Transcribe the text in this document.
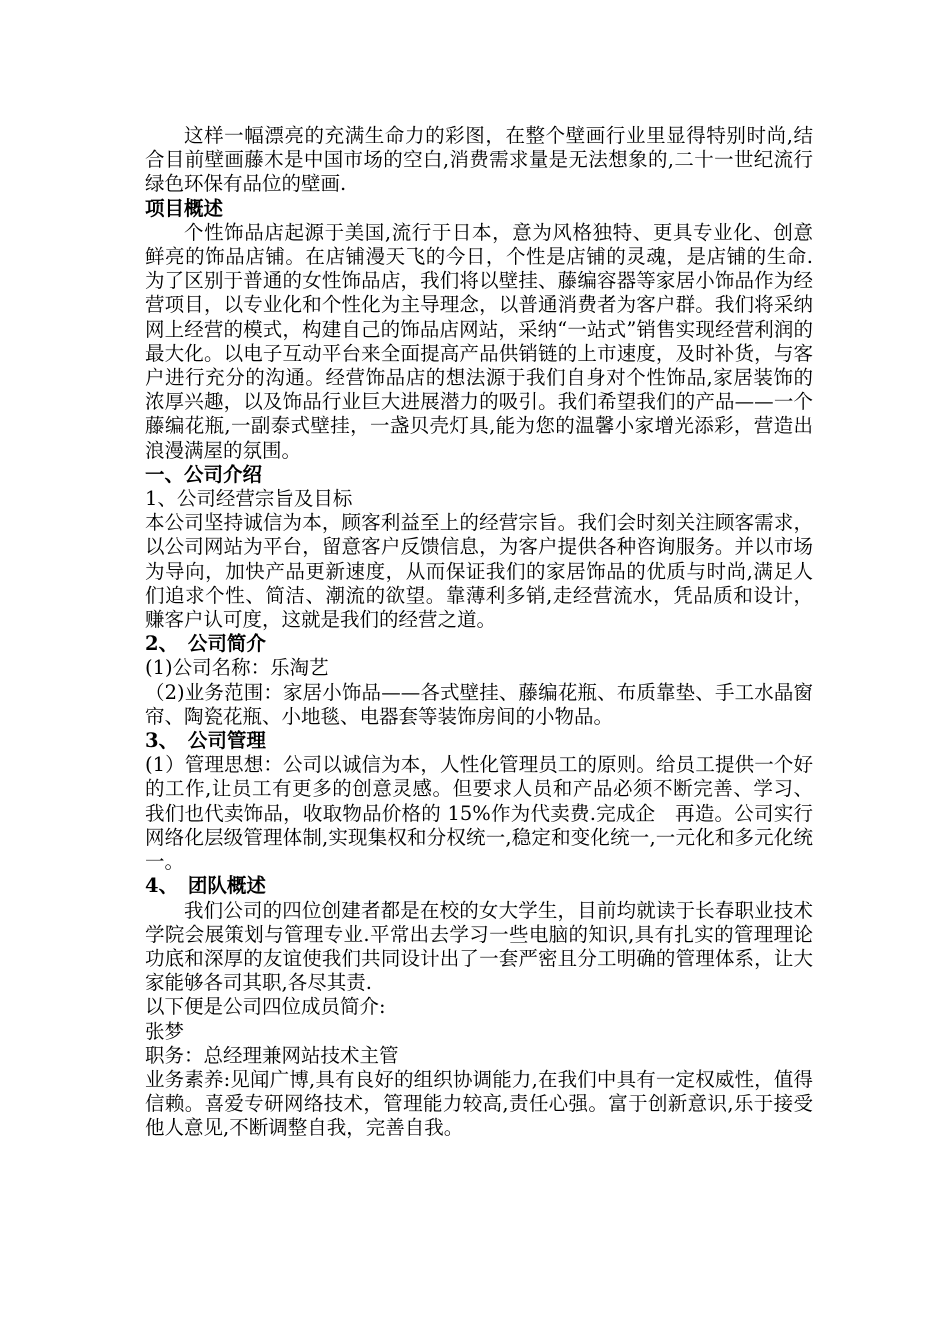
这样一幅漂亮的充满生命力的彩图，在整个壁画行业里显得特别时尚,结合目前壁画藤木是中国市场的空白,消费需求量是无法想象的,二十一世纪流行绿色环保有品位的壁画.

项目概述

个性饰品店起源于美国,流行于日本，意为风格独特、更具专业化、创意鲜亮的饰品店铺。在店铺漫天飞的今日，个性是店铺的灵魂，是店铺的生命.为了区别于普通的女性饰品店，我们将以壁挂、藤编容器等家居小饰品作为经营项目，以专业化和个性化为主导理念，以普通消费者为客户群。我们将采纳网上经营的模式，构建自己的饰品店网站，采纳“一站式”销售实现经营利润的最大化。以电子互动平台来全面提高产品供销链的上市速度，及时补货，与客户进行充分的沟通。经营饰品店的想法源于我们自身对个性饰品,家居装饰的浓厚兴趣，以及饰品行业巨大进展潜力的吸引。我们希望我们的产品——一个藤编花瓶,一副泰式壁挂，一盏贝壳灯具,能为您的温馨小家增光添彩，营造出浪漫满屋的氛围。

一、公司介绍

1、公司经营宗旨及目标

本公司坚持诚信为本，顾客利益至上的经营宗旨。我们会时刻关注顾客需求，以公司网站为平台，留意客户反馈信息，为客户提供各种咨询服务。并以市场为导向，加快产品更新速度，从而保证我们的家居饰品的优质与时尚,满足人们追求个性、简洁、潮流的欲望。靠薄利多销,走经营流水，凭品质和设计，赚客户认可度，这就是我们的经营之道。

2、　公司简介

(1)公司名称：乐淘艺

（2)业务范围：家居小饰品——各式壁挂、藤编花瓶、布质靠垫、手工水晶窗帘、陶瓷花瓶、小地毯、电器套等装饰房间的小物品。

3、　公司管理

(1）管理思想：公司以诚信为本，人性化管理员工的原则。给员工提供一个好的工作,让员工有更多的创意灵感。但要求人员和产品必须不断完善、学习、我们也代卖饰品，收取物品价格的 15%作为代卖费.完成企　再造。公司实行网络化层级管理体制,实现集权和分权统一,稳定和变化统一,一元化和多元化统一。

4、　团队概述

我们公司的四位创建者都是在校的女大学生，目前均就读于长春职业技术学院会展策划与管理专业.平常出去学习一些电脑的知识,具有扎实的管理理论功底和深厚的友谊使我们共同设计出了一套严密且分工明确的管理体系，让大家能够各司其职,各尽其责.

以下便是公司四位成员简介:

张梦

职务：总经理兼网站技术主管

业务素养:见闻广博,具有良好的组织协调能力,在我们中具有一定权威性，值得信赖。喜爱专研网络技术，管理能力较高,责任心强。富于创新意识,乐于接受他人意见,不断调整自我，完善自我。
